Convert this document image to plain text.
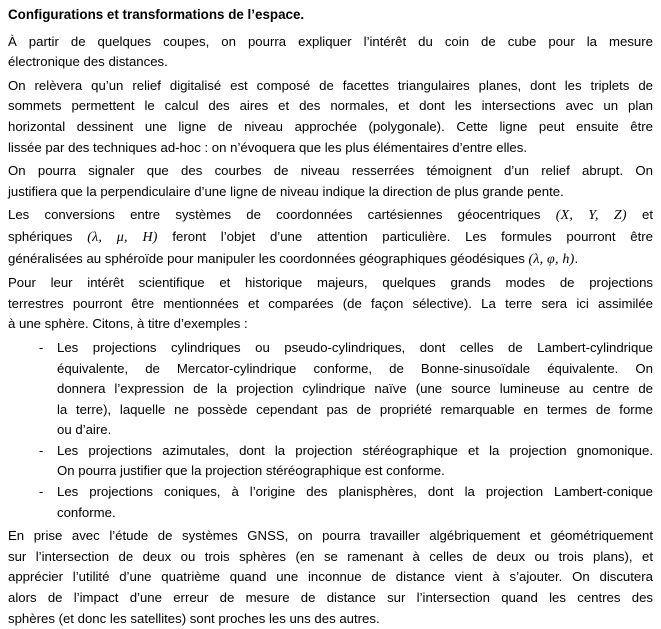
Configurations et transformations de l’espace.
À partir de quelques coupes, on pourra expliquer l’intérêt du coin de cube pour la mesure
électronique des distances.
On relèvera qu’un relief digitalisé est composé de facettes triangulaires planes, dont les triplets de
sommets permettent le calcul des aires et des normales, et dont les intersections avec un plan
horizontal dessinent une ligne de niveau approchée (polygonale). Cette ligne peut ensuite être
lissée par des techniques ad-hoc : on n’évoquera que les plus élémentaires d’entre elles.
On pourra signaler que des courbes de niveau resserrées témoignent d’un relief abrupt. On
justifiera que la perpendiculaire d’une ligne de niveau indique la direction de plus grande pente.
Les conversions entre systèmes de coordonnées cartésiennes géocentriques (X, Y, Z) et
sphériques (λ, μ, H) feront l’objet d’une attention particulière. Les formules pourront être
généralisées au sphéroïde pour manipuler les coordonnées géographiques géodésiques (λ, φ, h).
Pour leur intérêt scientifique et historique majeurs, quelques grands modes de projections
terrestres pourront être mentionnées et comparées (de façon sélective). La terre sera ici assimilée
à une sphère. Citons, à titre d’exemples :
- Les projections cylindriques ou pseudo-cylindriques, dont celles de Lambert-cylindrique
équivalente, de Mercator-cylindrique conforme, de Bonne-sinusoïdale équivalente. On
donnera l’expression de la projection cylindrique naïve (une source lumineuse au centre de
la terre), laquelle ne possède cependant pas de propriété remarquable en termes de forme
ou d’aire.
- Les projections azimutales, dont la projection stéréographique et la projection gnomonique.
On pourra justifier que la projection stéréographique est conforme.
- Les projections coniques, à l’origine des planisphères, dont la projection Lambert-conique
conforme.
En prise avec l’étude de systèmes GNSS, on pourra travailler algébriquement et géométriquement
sur l’intersection de deux ou trois sphères (en se ramenant à celles de deux ou trois plans), et
apprécier l’utilité d’une quatrième quand une inconnue de distance vient à s’ajouter. On discutera
alors de l’impact d’une erreur de mesure de distance sur l’intersection quand les centres des
sphères (et donc les satellites) sont proches les uns des autres.
